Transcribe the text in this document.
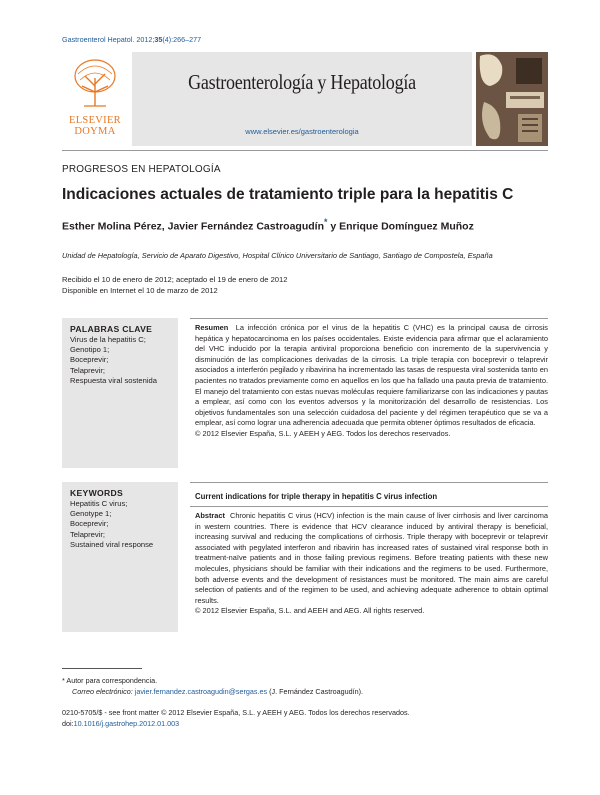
Gastroenterol Hepatol. 2012;35(4):266–277
ELSEVIER
DOYMA
Gastroenterología y Hepatología
www.elsevier.es/gastroenterologia
PROGRESOS EN HEPATOLOGÍA
Indicaciones actuales de tratamiento triple para la hepatitis C
Esther Molina Pérez, Javier Fernández Castroagudín* y Enrique Domínguez Muñoz
Unidad de Hepatología, Servicio de Aparato Digestivo, Hospital Clínico Universitario de Santiago, Santiago de Compostela, España
Recibido el 10 de enero de 2012; aceptado el 19 de enero de 2012
Disponible en Internet el 10 de marzo de 2012
PALABRAS CLAVE
Virus de la hepatitis C;
Genotipo 1;
Boceprevir;
Telaprevir;
Respuesta viral sostenida
Resumen La infección crónica por el virus de la hepatitis C (VHC) es la principal causa de cirrosis hepática y hepatocarcinoma en los países occidentales. Existe evidencia para afirmar que el aclaramiento del VHC inducido por la terapia antiviral proporciona beneficio con incremento de la supervivencia y disminución de las complicaciones derivadas de la cirrosis. La triple terapia con boceprevir o telaprevir asociados a interferón pegilado y ribavirina ha incrementado las tasas de respuesta viral sostenida tanto en pacientes no tratados previamente como en aquellos en los que ha fallado una pauta previa de tratamiento. El manejo del tratamiento con estas nuevas moléculas requiere familiarizarse con las indicaciones y pautas a emplear, así como con los eventos adversos y la monitorización del desarrollo de resistencias. Los objetivos fundamentales son una selección cuidadosa del paciente y del régimen terapéutico que se va a emplear, así como lograr una adherencia adecuada que permita obtener óptimos resultados de eficacia.

© 2012 Elsevier España, S.L. y AEEH y AEG. Todos los derechos reservados.

KEYWORDS
Hepatitis C virus;
Genotype 1;
Boceprevir;
Telaprevir;
Sustained viral response
Current indications for triple therapy in hepatitis C virus infection
Abstract Chronic hepatitis C virus (HCV) infection is the main cause of liver cirrhosis and liver carcinoma in western countries. There is evidence that HCV clearance induced by antiviral therapy is beneficial, increasing survival and reducing the complications of cirrhosis. Triple therapy with boceprevir or telaprevir associated with pegylated interferon and ribavirin has increased rates of sustained viral response both in treatment-naïve patients and in those failing previous regimens. Before treating patients with these new molecules, physicians should be familiar with their indications and the regimens to be used. Furthermore, both adverse events and the development of resistances must be monitored. The main aims are careful selection of patients and of the regimen to be used, and achieving adequate adherence to obtain optimal results.

© 2012 Elsevier España, S.L. and AEEH and AEG. All rights reserved.

* Autor para correspondencia.
Correo electrónico: javier.fernandez.castroagudin@sergas.es (J. Fernández Castroagudín).
0210-5705/$ - see front matter © 2012 Elsevier España, S.L. y AEEH y AEG. Todos los derechos reservados.
doi:10.1016/j.gastrohep.2012.01.003
